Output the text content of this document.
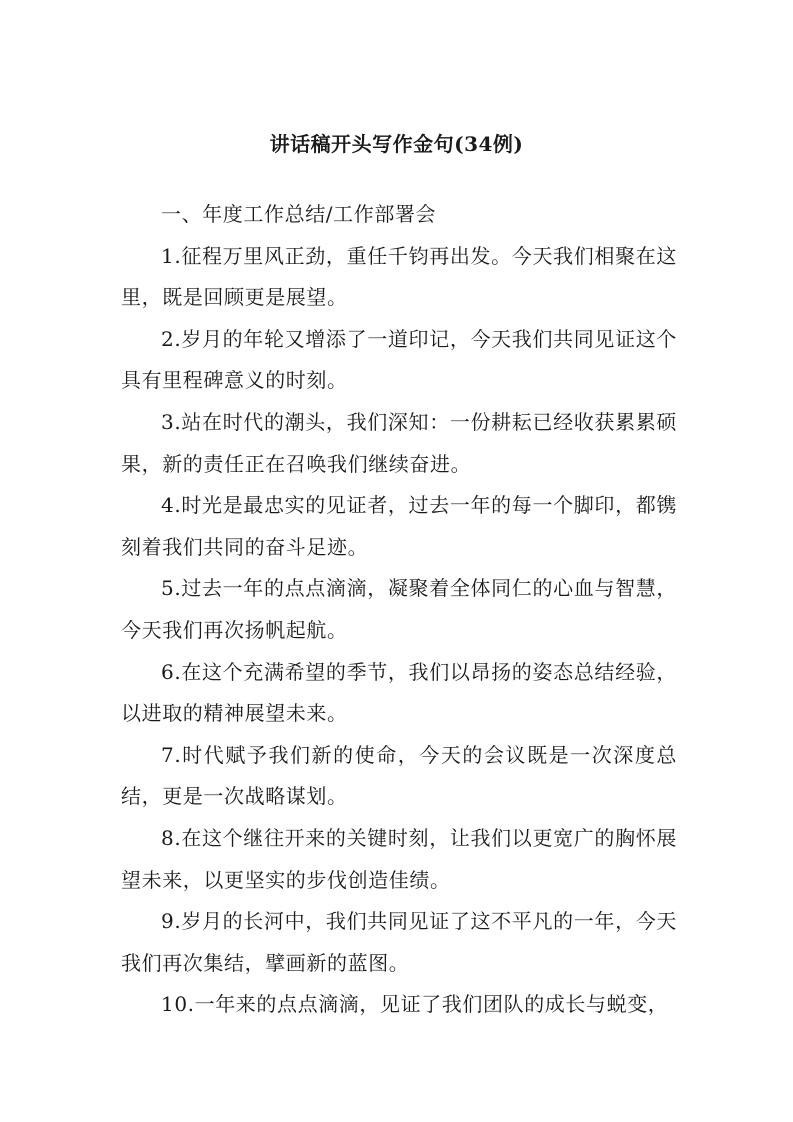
讲话稿开头写作金句(34例)

一、年度工作总结/工作部署会

1.征程万里风正劲，重任千钧再出发。今天我们相聚在这里，既是回顾更是展望。

2.岁月的年轮又增添了一道印记，今天我们共同见证这个具有里程碑意义的时刻。

3.站在时代的潮头，我们深知：一份耕耘已经收获累累硕果，新的责任正在召唤我们继续奋进。

4.时光是最忠实的见证者，过去一年的每一个脚印，都镌刻着我们共同的奋斗足迹。

5.过去一年的点点滴滴，凝聚着全体同仁的心血与智慧，今天我们再次扬帆起航。

6.在这个充满希望的季节，我们以昂扬的姿态总结经验，以进取的精神展望未来。

7.时代赋予我们新的使命，今天的会议既是一次深度总结，更是一次战略谋划。

8.在这个继往开来的关键时刻，让我们以更宽广的胸怀展望未来，以更坚实的步伐创造佳绩。

9.岁月的长河中，我们共同见证了这不平凡的一年，今天我们再次集结，擘画新的蓝图。

10.一年来的点点滴滴，见证了我们团队的成长与蜕变，
